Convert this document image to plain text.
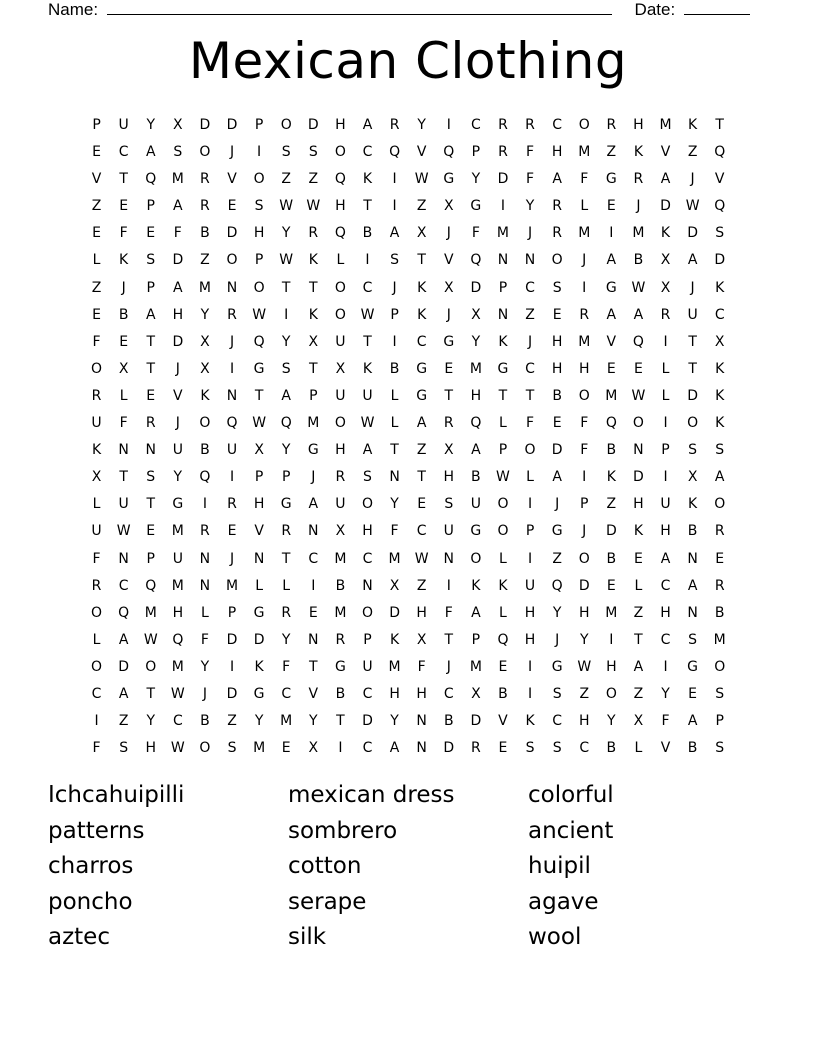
Name:	Date:
Mexican Clothing
P	U	Y	X	D	D	P	O	D	H	A	R	Y	I	C	R	R	C	O	R	H	M	K	T
E	C	A	S	O	J	I	S	S	O	C	Q	V	Q	P	R	F	H	M	Z	K	V	Z	Q
V	T	Q	M	R	V	O	Z	Z	Q	K	I	W	G	Y	D	F	A	F	G	R	A	J	V
Z	E	P	A	R	E	S	W W	H	T	I	Z	X	G	I	Y	R	L	E	J	D	W	Q
E	F	E	F	B	D	H	Y	R	Q	B	A	X	J	F	M	J	R	M	I	M	K	D	S
L	K	S	D	Z	O	P	W	K	L	I	S	T	V	Q	N	N	O	J	A	B	X	A	D
Z	J	P	A	M	N	O	T	T	O	C	J	K	X	D	P	C	S	I	G	W	X	J	K
E	B	A	H	Y	R	W	I	K	O	W	P	K	J	X	N	Z	E	R	A	A	R	U	C
F	E	T	D	X	J	Q	Y	X	U	T	I	C	G	Y	K	J	H	M	V	Q	I	T	X
O	X	T	J	X	I	G	S	T	X	K	B	G	E	M	G	C	H	H	E	E	L	T	K
R	L	E	V	K	N	T	A	P	U	U	L	G	T	H	T	T	B	O	M	W	L	D	K
U	F	R	J	O	Q	W	Q	M	O	W	L	A	R	Q	L	F	E	F	Q	O	I	O	K
K	N	N	U	B	U	X	Y	G	H	A	T	Z	X	A	P	O	D	F	B	N	P	S	S
X	T	S	Y	Q	I	P	P	J	R	S	N	T	H	B	W	L	A	I	K	D	I	X	A
L	U	T	G	I	R	H	G	A	U	O	Y	E	S	U	O	I	J	P	Z	H	U	K	O
U	W	E	M	R	E	V	R	N	X	H	F	C	U	G	O	P	G	J	D	K	H	B	R
F	N	P	U	N	J	N	T	C	M	C	M	W	N	O	L	I	Z	O	B	E	A	N	E
R	C	Q	M	N	M	L	L	I	B	N	X	Z	I	K	K	U	Q	D	E	L	C	A	R
O	Q	M	H	L	P	G	R	E	M	O	D	H	F	A	L	H	Y	H	M	Z	H	N	B
L	A	W	Q	F	D	D	Y	N	R	P	K	X	T	P	Q	H	J	Y	I	T	C	S	M
O	D	O	M	Y	I	K	F	T	G	U	M	F	J	M	E	I	G	W	H	A	I	G	O
C	A	T	W	J	D	G	C	V	B	C	H	H	C	X	B	I	S	Z	O	Z	Y	E	S
I	Z	Y	C	B	Z	Y	M	Y	T	D	Y	N	B	D	V	K	C	H	Y	X	F	A	P
F	S	H	W	O	S	M	E	X	I	C	A	N	D	R	E	S	S	C	B	L	V	B	S
Ichcahuipilli	mexican dress	colorful
patterns	sombrero	ancient
charros	cotton	huipil
poncho	serape	agave
aztec	silk	wool
